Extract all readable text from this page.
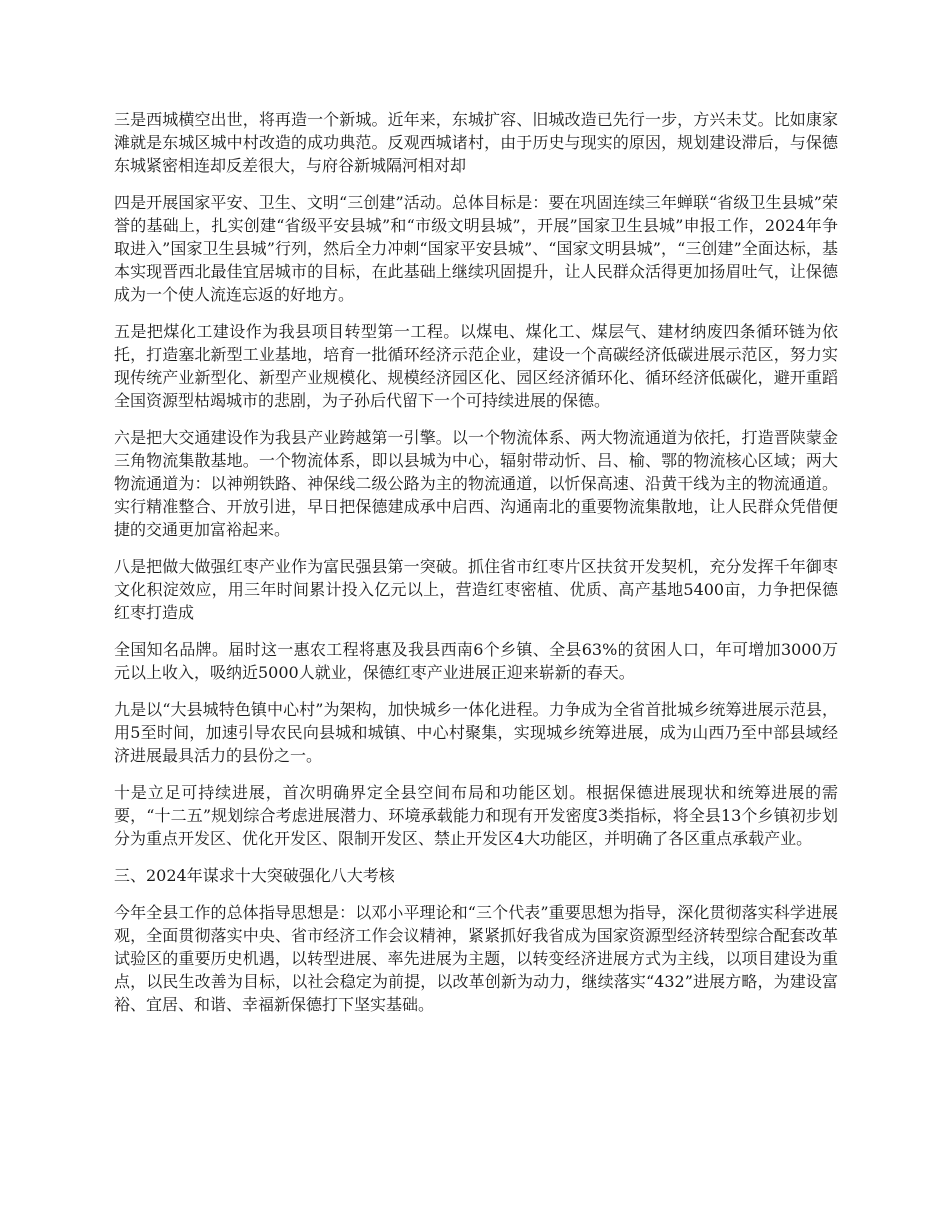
三是西城横空出世，将再造一个新城。近年来，东城扩容、旧城改造已先行一步，方兴未艾。比如康家滩就是东城区城中村改造的成功典范。反观西城诸村，由于历史与现实的原因，规划建设滞后，与保德东城紧密相连却反差很大，与府谷新城隔河相对却

四是开展国家平安、卫生、文明“三创建”活动。总体目标是：要在巩固连续三年蝉联“省级卫生县城”荣誉的基础上，扎实创建“省级平安县城”和“市级文明县城”，开展”国家卫生县城”申报工作，2024年争取进入”国家卫生县城”行列，然后全力冲刺“国家平安县城”、“国家文明县城”，“三创建”全面达标，基本实现晋西北最佳宜居城市的目标，在此基础上继续巩固提升，让人民群众活得更加扬眉吐气，让保德成为一个使人流连忘返的好地方。

五是把煤化工建设作为我县项目转型第一工程。以煤电、煤化工、煤层气、建材纳废四条循环链为依托，打造塞北新型工业基地，培育一批循环经济示范企业，建设一个高碳经济低碳进展示范区，努力实现传统产业新型化、新型产业规模化、规模经济园区化、园区经济循环化、循环经济低碳化，避开重蹈全国资源型枯竭城市的悲剧，为子孙后代留下一个可持续进展的保德。

六是把大交通建设作为我县产业跨越第一引擎。以一个物流体系、两大物流通道为依托，打造晋陕蒙金三角物流集散基地。一个物流体系，即以县城为中心，辐射带动忻、吕、榆、鄂的物流核心区域；两大物流通道为：以神朔铁路、神保线二级公路为主的物流通道，以忻保高速、沿黄干线为主的物流通道。实行精准整合、开放引进，早日把保德建成承中启西、沟通南北的重要物流集散地，让人民群众凭借便捷的交通更加富裕起来。

八是把做大做强红枣产业作为富民强县第一突破。抓住省市红枣片区扶贫开发契机，充分发挥千年御枣文化积淀效应，用三年时间累计投入亿元以上，营造红枣密植、优质、高产基地5400亩，力争把保德红枣打造成

全国知名品牌。届时这一惠农工程将惠及我县西南6个乡镇、全县63%的贫困人口，年可增加3000万元以上收入，吸纳近5000人就业，保德红枣产业进展正迎来崭新的春天。

九是以“大县城特色镇中心村”为架构，加快城乡一体化进程。力争成为全省首批城乡统筹进展示范县，用5至时间，加速引导农民向县城和城镇、中心村聚集，实现城乡统筹进展，成为山西乃至中部县域经济进展最具活力的县份之一。

十是立足可持续进展，首次明确界定全县空间布局和功能区划。根据保德进展现状和统筹进展的需要，“十二五”规划综合考虑进展潜力、环境承载能力和现有开发密度3类指标，将全县13个乡镇初步划分为重点开发区、优化开发区、限制开发区、禁止开发区4大功能区，并明确了各区重点承载产业。

三、2024年谋求十大突破强化八大考核

今年全县工作的总体指导思想是：以邓小平理论和“三个代表”重要思想为指导，深化贯彻落实科学进展观，全面贯彻落实中央、省市经济工作会议精神，紧紧抓好我省成为国家资源型经济转型综合配套改革试验区的重要历史机遇，以转型进展、率先进展为主题，以转变经济进展方式为主线，以项目建设为重点，以民生改善为目标，以社会稳定为前提，以改革创新为动力，继续落实“432”进展方略，为建设富裕、宜居、和谐、幸福新保德打下坚实基础。
